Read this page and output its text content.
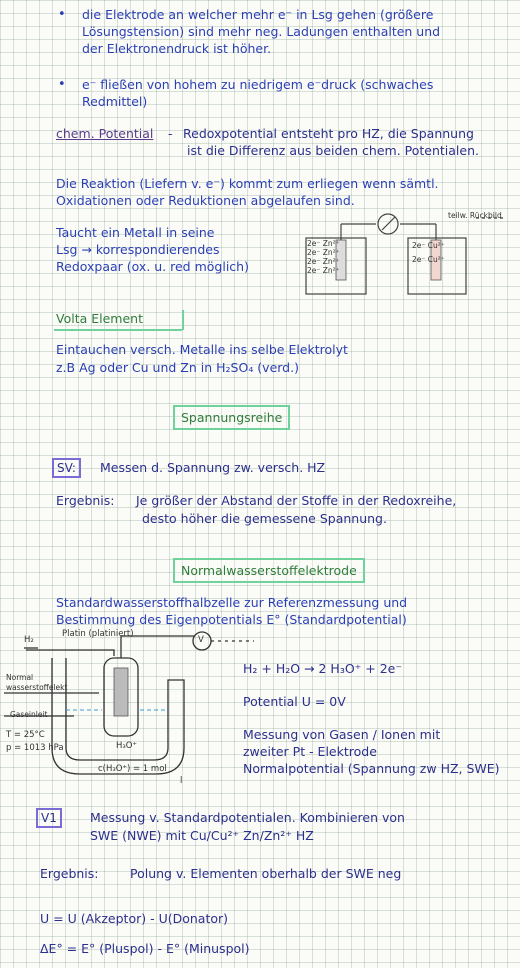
• die Elektrode an welcher mehr e⁻ in Lsg gehen (größere
Lösungstension) sind mehr neg. Ladungen enthalten und
der Elektronendruck ist höher.
• e⁻ fließen von hohem zu niedrigem e⁻druck (schwaches
Redmittel)
chem. Potential - Redoxpotential entsteht pro HZ, die Spannung
ist die Differenz aus beiden chem. Potentialen.
Die Reaktion (Liefern v. e⁻) kommt zum erliegen wenn sämtl.
Oxidationen oder Reduktionen abgelaufen sind.
Taucht ein Metall in seine
Lsg → korrespondierendes
Redoxpaar (ox. u. red möglich)
teilw. Rückbild
2e⁻ Zn²⁺
2e⁻ Zn²⁺
2e⁻ Zn²⁺
2e⁻ Zn²⁺
2e⁻ Cu²⁺
2e⁻ Cu²⁺
Volta Element
Eintauchen versch. Metalle ins selbe Elektrolyt
z.B Ag oder Cu und Zn in H₂SO₄ (verd.)
Spannungsreihe
SV:	Messen d. Spannung zw. versch. HZ
Ergebnis: Je größer der Abstand der Stoffe in der Redoxreihe,
desto höher die gemessene Spannung.
Normalwasserstoffelektrode
Standardwasserstoffhalbzelle zur Referenzmessung und
Bestimmung des Eigenpotentials E° (Standardpotential)
H₂
Platin (platiniert)
V
Normal
wasserstoffelekt
Gaseinleit
T = 25°C
p = 1013 hPa	H₃O⁺
c(H₃O⁺) = 1 mol
l
H₂ + H₂O → 2 H₃O⁺ + 2e⁻
Potential U = 0V
Messung von Gasen / Ionen mit
zweiter Pt - Elektrode
Normalpotential (Spannung zw HZ, SWE)
V1	Messung v. Standardpotentialen. Kombinieren von
SWE (NWE) mit Cu/Cu²⁺ Zn/Zn²⁺ HZ
Ergebnis:	Polung v. Elementen oberhalb der SWE neg
U = U (Akzeptor) - U(Donator)
ΔE° = E° (Pluspol) - E° (Minuspol)
